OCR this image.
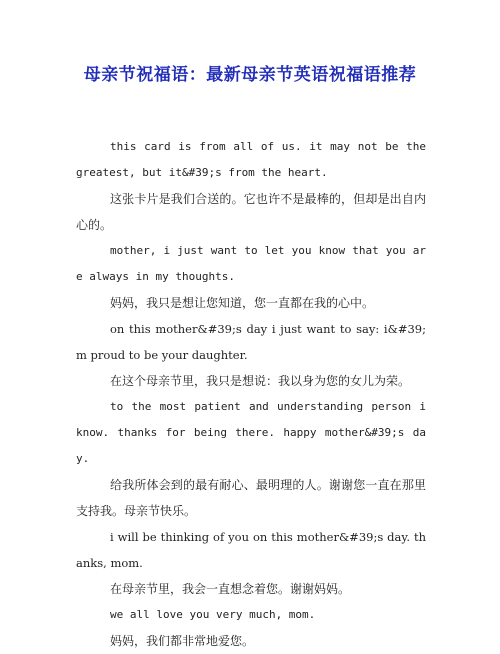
母亲节祝福语：最新母亲节英语祝福语推荐

this card is from all of us. it may not be the greatest, but it&#39;s from the heart.

这张卡片是我们合送的。它也许不是最棒的，但却是出自内心的。

mother, i just want to let you know that you are always in my thoughts.

妈妈，我只是想让您知道，您一直都在我的心中。

on this mother&#39;s day i just want to say: i&#39;m proud to be your daughter.

在这个母亲节里，我只是想说：我以身为您的女儿为荣。

to the most patient and understanding person i know. thanks for being there. happy mother&#39;s day.

给我所体会到的最有耐心、最明理的人。谢谢您一直在那里支持我。母亲节快乐。

i will be thinking of you on this mother&#39;s day. thanks, mom.

在母亲节里，我会一直想念着您。谢谢妈妈。

we all love you very much, mom.

妈妈，我们都非常地爱您。
